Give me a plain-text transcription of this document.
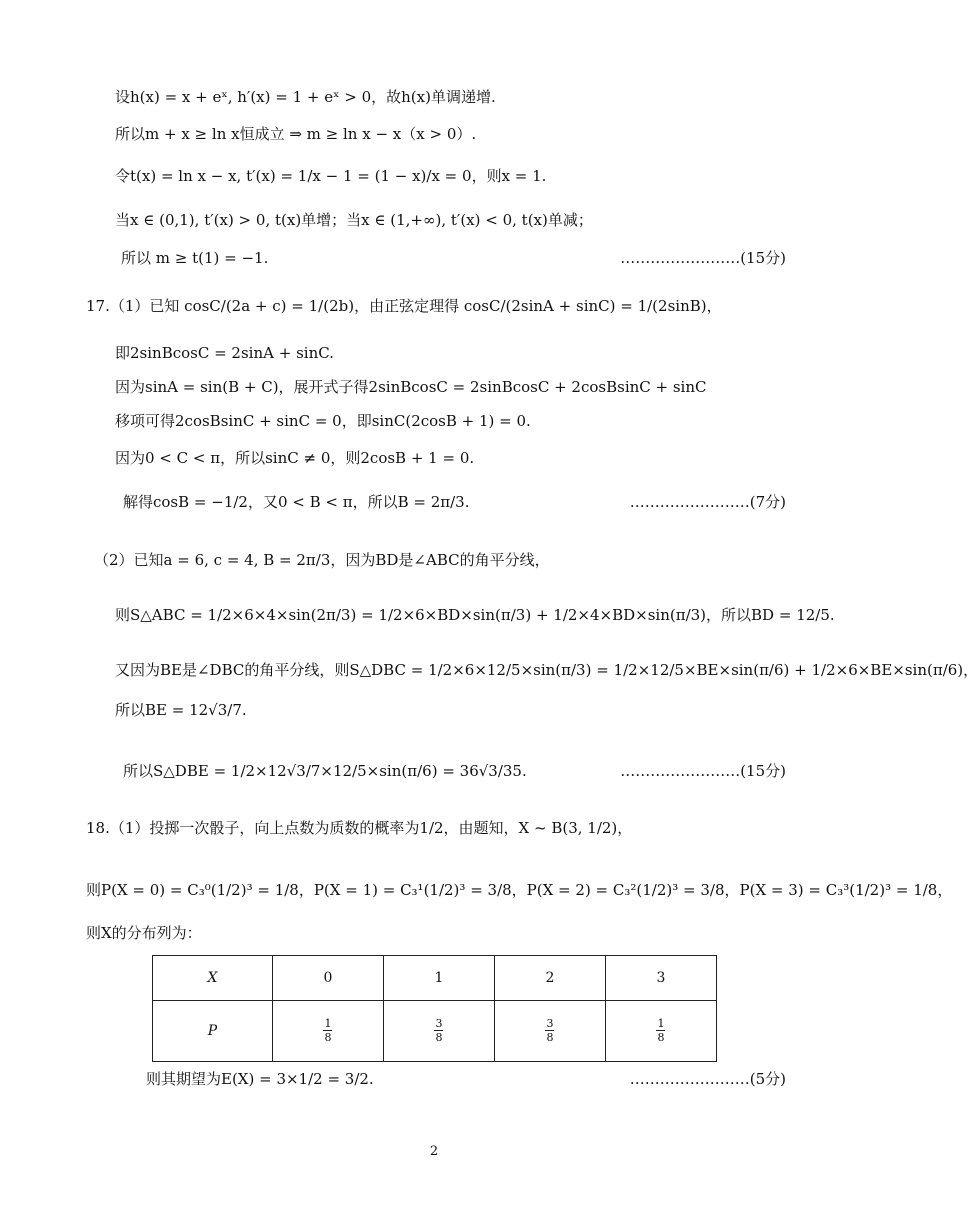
设h(x) = x + eˣ, h′(x) = 1 + eˣ > 0，故h(x)单调递增.
所以m + x ≥ ln x恒成立 ⇒ m ≥ ln x − x（x > 0）.
令t(x) = ln x − x, t′(x) = 1/x − 1 = (1 − x)/x = 0，则x = 1.
当x ∈ (0,1), t′(x) > 0, t(x)单增；当x ∈ (1,+∞), t′(x) < 0, t(x)单减；
所以 m ≥ t(1) = −1.	……………………(15分)
17.（1）已知 cosC/(2a + c) = 1/(2b)，由正弦定理得 cosC/(2sinA + sinC) = 1/(2sinB)，
即2sinBcosC = 2sinA + sinC.
因为sinA = sin(B + C)，展开式子得2sinBcosC = 2sinBcosC + 2cosBsinC + sinC
移项可得2cosBsinC + sinC = 0，即sinC(2cosB + 1) = 0.
因为0 < C < π，所以sinC ≠ 0，则2cosB + 1 = 0.
解得cosB = −1/2，又0 < B < π，所以B = 2π/3.	……………………(7分)
（2）已知a = 6, c = 4, B = 2π/3，因为BD是∠ABC的角平分线，
则S△ABC = 1/2×6×4×sin(2π/3) = 1/2×6×BD×sin(π/3) + 1/2×4×BD×sin(π/3)，所以BD = 12/5.
又因为BE是∠DBC的角平分线，则S△DBC = 1/2×6×12/5×sin(π/3) = 1/2×12/5×BE×sin(π/6) + 1/2×6×BE×sin(π/6)，
所以BE = 12√3/7.
所以S△DBE = 1/2×12√3/7×12/5×sin(π/6) = 36√3/35.	……………………(15分)
18.（1）投掷一次骰子，向上点数为质数的概率为1/2，由题知，X ~ B(3, 1/2)，
则P(X = 0) = C₃⁰(1/2)³ = 1/8，P(X = 1) = C₃¹(1/2)³ = 3/8，P(X = 2) = C₃²(1/2)³ = 3/8，P(X = 3) = C₃³(1/2)³ = 1/8，
则X的分布列为：
X	0	1	2	3
P	$\frac{1}{8}$	$\frac{3}{8}$	$\frac{3}{8}$	$\frac{1}{8}$
则其期望为E(X) = 3×1/2 = 3/2.	……………………(5分)
2
